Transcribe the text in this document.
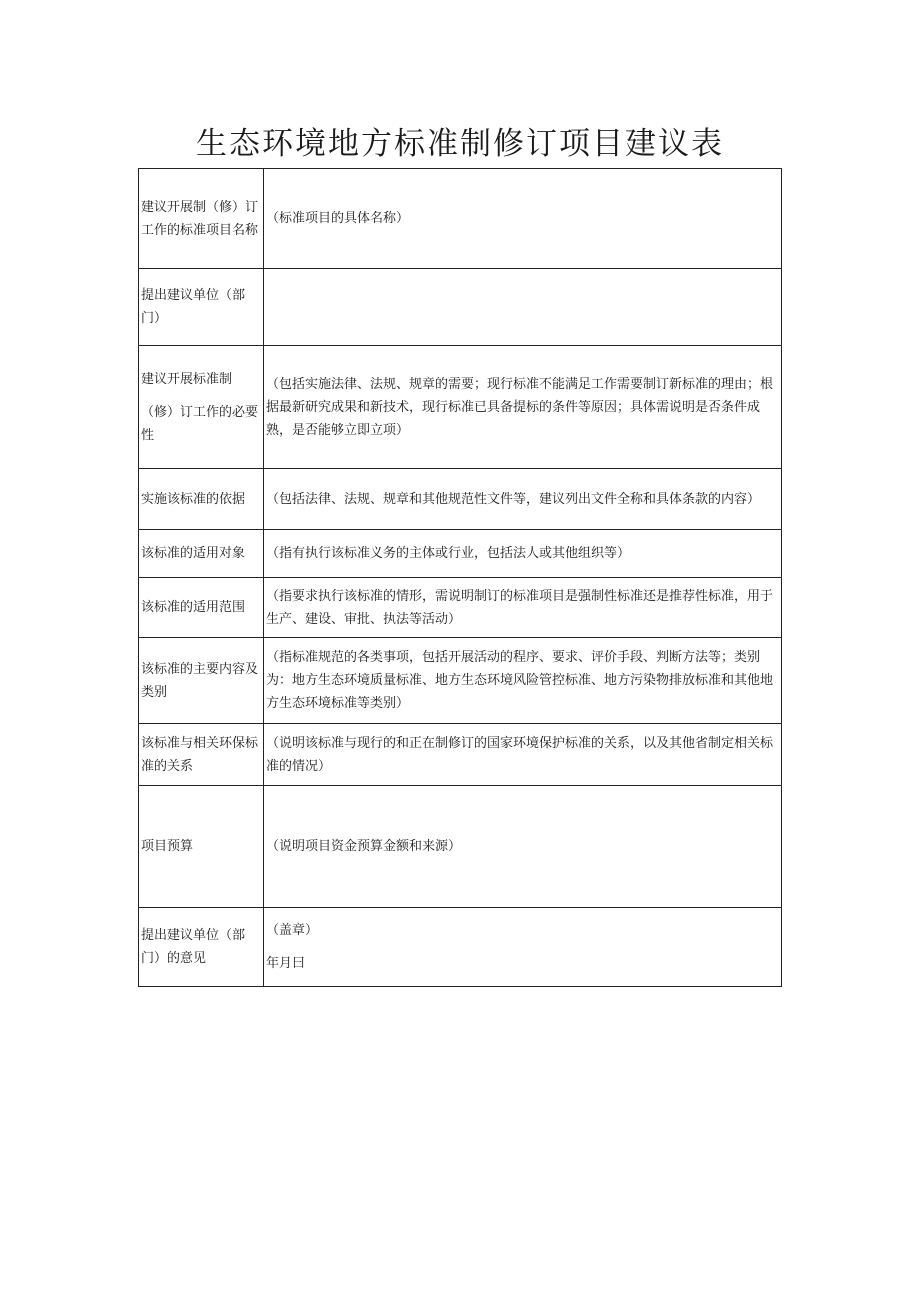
生态环境地方标准制修订项目建议表
建议开展制（修）订工作的标准项目名称	（标准项目的具体名称）
提出建议单位（部门）	

建议开展标准制
（修）订工作的必要性	（包括实施法律、法规、规章的需要；现行标准不能满足工作需要制订新标准的理由；根据最新研究成果和新技术，现行标准已具备提标的条件等原因；具体需说明是否条件成熟，是否能够立即立项）
实施该标准的依据	（包括法律、法规、规章和其他规范性文件等，建议列出文件全称和具体条款的内容）
该标准的适用对象	（指有执行该标准义务的主体或行业，包括法人或其他组织等）
该标准的适用范围	（指要求执行该标准的情形，需说明制订的标准项目是强制性标准还是推荐性标准，用于生产、建设、审批、执法等活动）
该标准的主要内容及类别	（指标准规范的各类事项，包括开展活动的程序、要求、评价手段、判断方法等；类别为：地方生态环境质量标准、地方生态环境风险管控标准、地方污染物排放标准和其他地方生态环境标准等类别）
该标准与相关环保标准的关系	（说明该标准与现行的和正在制修订的国家环境保护标准的关系，以及其他省制定相关标准的情况）
项目预算	（说明项目资金预算金额和来源）
提出建议单位（部门）的意见	（盖章）
年月曰
